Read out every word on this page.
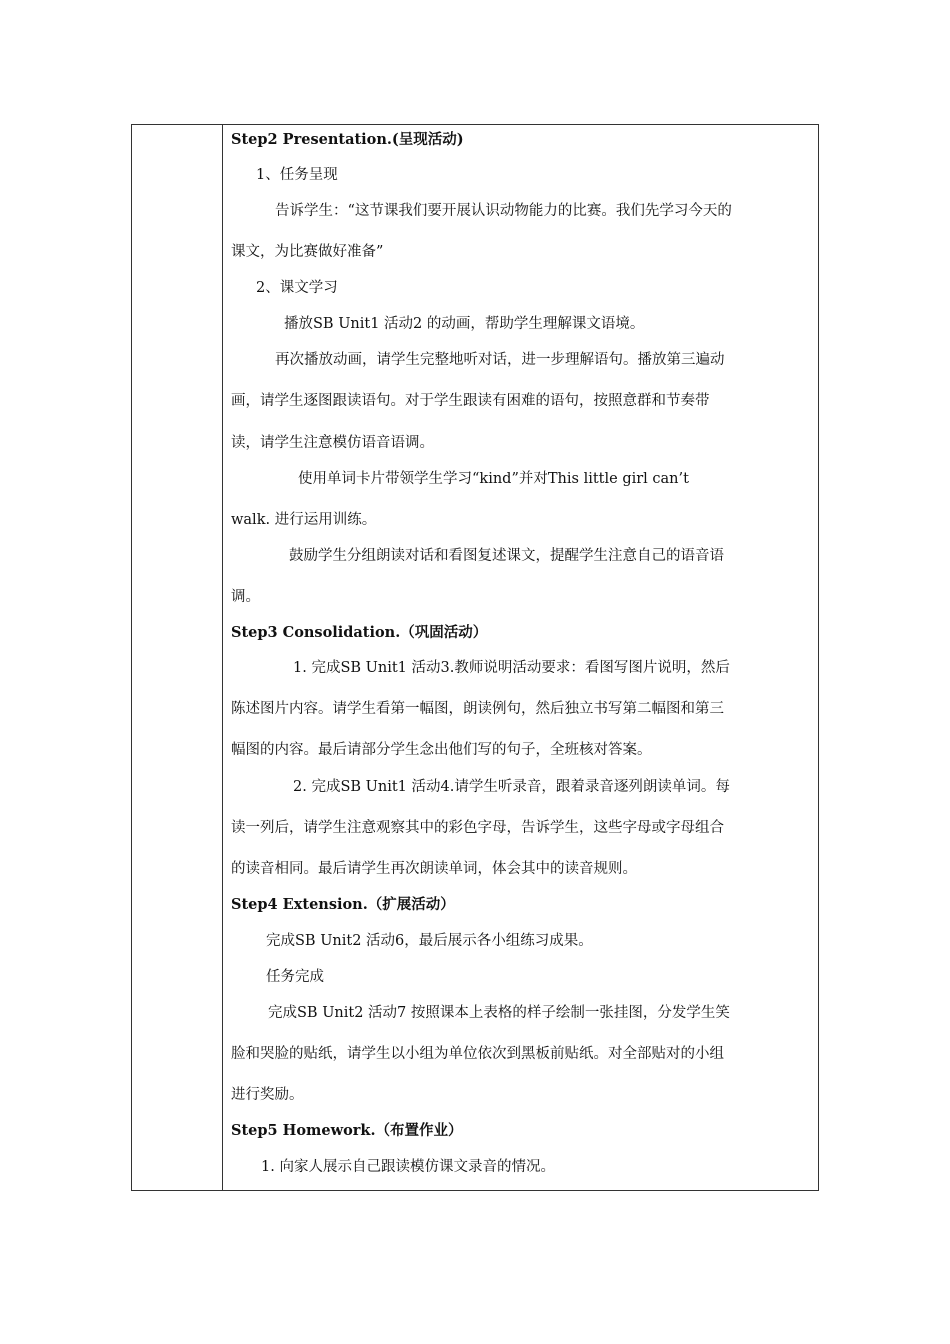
Step2 Presentation.(呈现活动)
1、任务呈现
告诉学生：“这节课我们要开展认识动物能力的比赛。我们先学习今天的
课文，为比赛做好准备”
2、课文学习
播放SB Unit1 活动2 的动画，帮助学生理解课文语境。
再次播放动画，请学生完整地听对话，进一步理解语句。播放第三遍动
画，请学生逐图跟读语句。对于学生跟读有困难的语句，按照意群和节奏带
读，请学生注意模仿语音语调。
使用单词卡片带领学生学习“kind”并对This little girl can’t
walk. 进行运用训练。
鼓励学生分组朗读对话和看图复述课文，提醒学生注意自己的语音语
调。
Step3 Consolidation.（巩固活动）
1. 完成SB Unit1 活动3.教师说明活动要求：看图写图片说明，然后
陈述图片内容。请学生看第一幅图，朗读例句，然后独立书写第二幅图和第三
幅图的内容。最后请部分学生念出他们写的句子，全班核对答案。
2. 完成SB Unit1 活动4.请学生听录音，跟着录音逐列朗读单词。每
读一列后，请学生注意观察其中的彩色字母，告诉学生，这些字母或字母组合
的读音相同。最后请学生再次朗读单词，体会其中的读音规则。
Step4 Extension.（扩展活动）
完成SB Unit2 活动6，最后展示各小组练习成果。
任务完成
完成SB Unit2 活动7 按照课本上表格的样子绘制一张挂图，分发学生笑
脸和哭脸的贴纸，请学生以小组为单位依次到黑板前贴纸。对全部贴对的小组
进行奖励。
Step5 Homework.（布置作业）
1. 向家人展示自己跟读模仿课文录音的情况。
